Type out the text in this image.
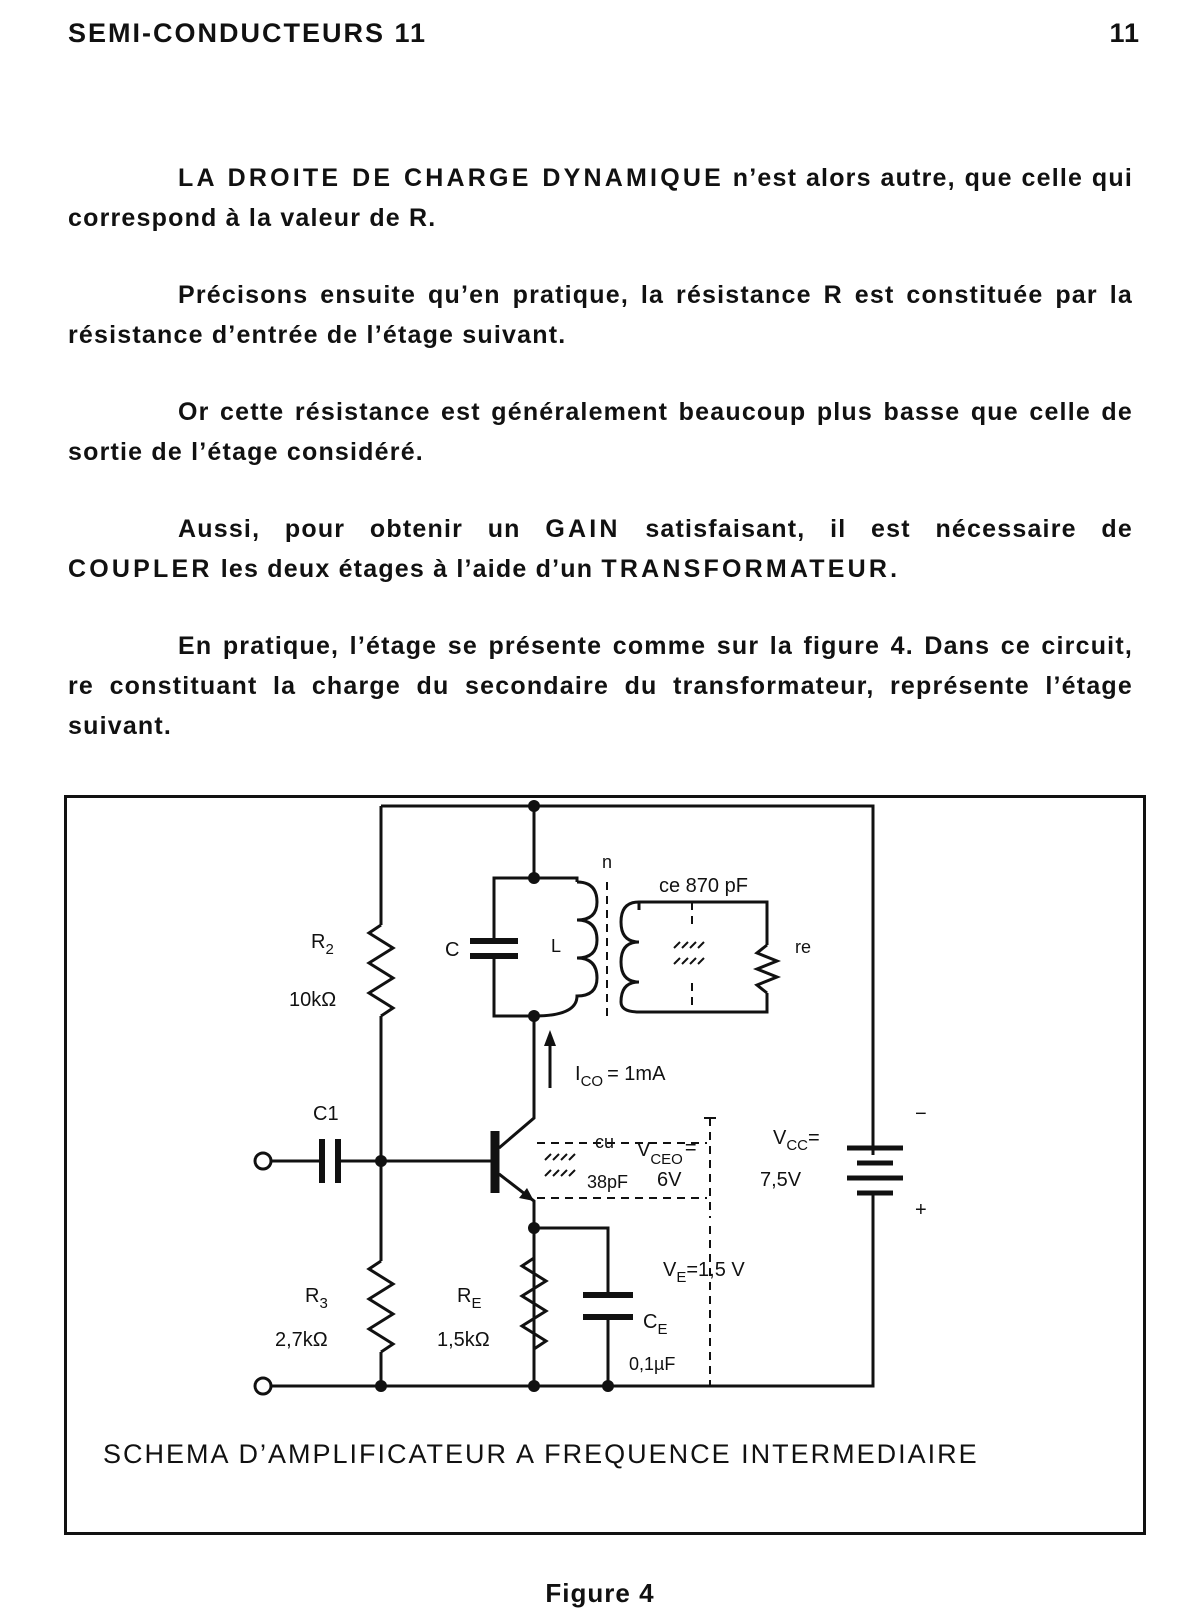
SEMI-CONDUCTEURS 11	11

LA DROITE DE CHARGE DYNAMIQUE n’est alors autre, que celle qui correspond à la valeur de R.

Précisons ensuite qu’en pratique, la résistance R est constituée par la résistance d’entrée de l’étage suivant.

Or cette résistance est généralement beaucoup plus basse que celle de sortie de l’étage considéré.

Aussi, pour obtenir un GAIN satisfaisant, il est nécessaire de COUPLER les deux étages à l’aide d’un TRANSFORMATEUR.

En pratique, l’étage se présente comme sur la figure 4. Dans ce circuit, re constituant la charge du secondaire du transformateur, représente l’étage suivant.

$R_2$
10kΩ
C1
$R_3$
2,7kΩ
$R_E$
1,5kΩ
$C_E$
0,1µF
C	L
n
ce 870 pF
re
$I_{CO} = 1mA$
cu
38pF
$V_{CEO}=$
6V
$V_{CC}=$
7,5V
−
+
$V_E=1,5$ V
SCHEMA D’AMPLIFICATEUR A FREQUENCE INTERMEDIAIRE
Figure 4
